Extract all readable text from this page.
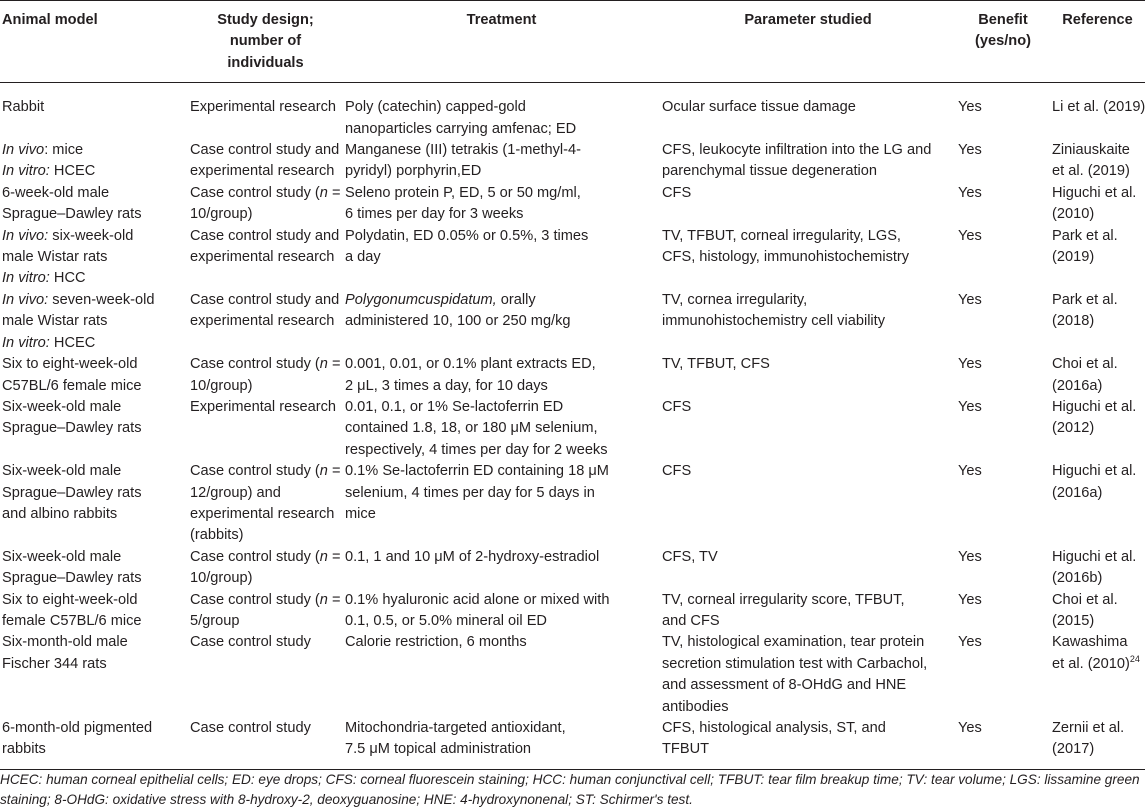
Animal model	Study design;
number of
individuals	Treatment	Parameter studied	Benefit
(yes/no)	Reference

Rabbit	Experimental research	Poly (catechin) capped-gold
nanoparticles carrying amfenac; ED	Ocular surface tissue damage	Yes	Li et al. (2019)

In vivo: mice
In vitro: HCEC	Case control study and
experimental research	Manganese (III) tetrakis (1-methyl-4-
pyridyl) porphyrin,ED	CFS, leukocyte infiltration into the LG and
parenchymal tissue degeneration	Yes	Ziniauskaite
et al. (2019)

6-week-old male
Sprague–Dawley rats	Case control study (n =
10/group)	Seleno protein P, ED, 5 or 50 mg/ml,
6 times per day for 3 weeks	CFS	Yes	Higuchi et al.
(2010)

In vivo: six-week-old
male Wistar rats
In vitro: HCC	Case control study and
experimental research	Polydatin, ED 0.05% or 0.5%, 3 times
a day	TV, TFBUT, corneal irregularity, LGS,
CFS, histology, immunohistochemistry	Yes	Park et al.
(2019)

In vivo: seven-week-old
male Wistar rats
In vitro: HCEC	Case control study and
experimental research	Polygonumcuspidatum, orally
administered 10, 100 or 250 mg/kg	TV, cornea irregularity,
immunohistochemistry cell viability	Yes	Park et al.
(2018)

Six to eight-week-old
C57BL/6 female mice	Case control study (n =
10/group)	0.001, 0.01, or 0.1% plant extracts ED,
2 μL, 3 times a day, for 10 days	TV, TFBUT, CFS	Yes	Choi et al.
(2016a)

Six-week-old male
Sprague–Dawley rats	Experimental research	0.01, 0.1, or 1% Se-lactoferrin ED
contained 1.8, 18, or 180 μM selenium,
respectively, 4 times per day for 2 weeks	CFS	Yes	Higuchi et al.
(2012)

Six-week-old male
Sprague–Dawley rats
and albino rabbits	Case control study (n =
12/group) and
experimental research
(rabbits)	0.1% Se-lactoferrin ED containing 18 μM
selenium, 4 times per day for 5 days in
mice	CFS	Yes	Higuchi et al.
(2016a)

Six-week-old male
Sprague–Dawley rats	Case control study (n =
10/group)	0.1, 1 and 10 μM of 2-hydroxy-estradiol	CFS, TV	Yes	Higuchi et al.
(2016b)

Six to eight-week-old
female C57BL/6 mice	Case control study (n =
5/group	0.1% hyaluronic acid alone or mixed with
0.1, 0.5, or 5.0% mineral oil ED	TV, corneal irregularity score, TFBUT,
and CFS	Yes	Choi et al.
(2015)

Six-month-old male
Fischer 344 rats	Case control study	Calorie restriction, 6 months	TV, histological examination, tear protein
secretion stimulation test with Carbachol,
and assessment of 8-OHdG and HNE
antibodies	Yes	Kawashima
et al. $(2010)^{24}$

6-month-old pigmented
rabbits	Case control study	Mitochondria-targeted antioxidant,
7.5 μM topical administration	CFS, histological analysis, ST, and
TFBUT	Yes	Zernii et al.
(2017)
HCEC: human corneal epithelial cells; ED: eye drops; CFS: corneal fluorescein staining; HCC: human conjunctival cell; TFBUT: tear film breakup time; TV: tear volume; LGS: lissamine green
staining; 8-OHdG: oxidative stress with 8-hydroxy-2, deoxyguanosine; HNE: 4-hydroxynonenal; ST: Schirmer's test.
